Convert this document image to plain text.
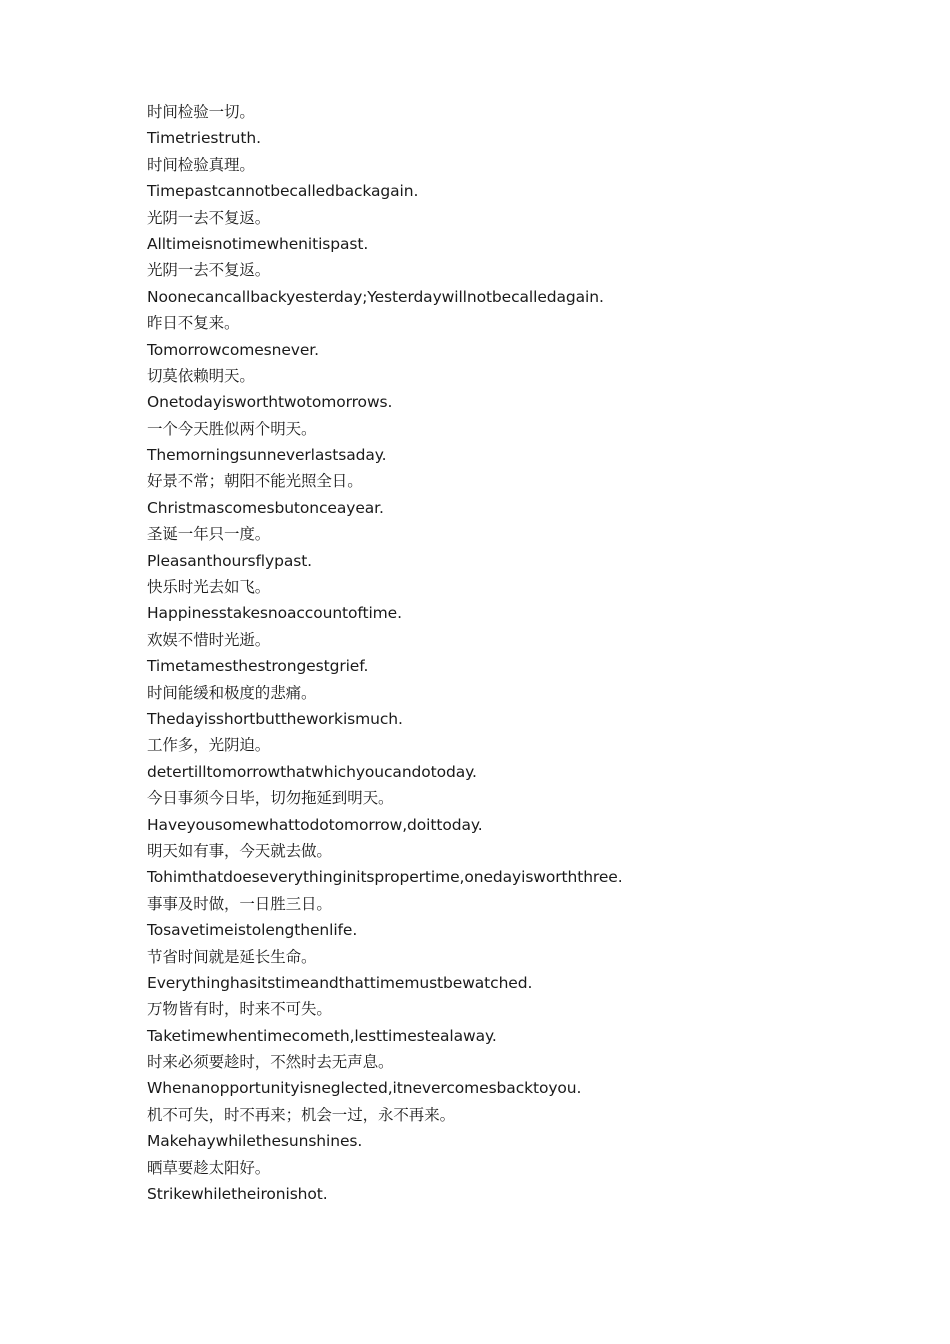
时间检验一切。
Timetriestruth.
时间检验真理。
Timepastcannotbecalledbackagain.
光阴一去不复返。
Alltimeisnotimewhenitispast.
光阴一去不复返。
Noonecancallbackyesterday;Yesterdaywillnotbecalledagain.
昨日不复来。
Tomorrowcomesnever.
切莫依赖明天。
Onetodayisworthtwotomorrows.
一个今天胜似两个明天。
Themorningsunneverlastsaday.
好景不常；朝阳不能光照全日。
Christmascomesbutonceayear.
圣诞一年只一度。
Pleasanthoursflypast.
快乐时光去如飞。
Happinesstakesnoaccountoftime.
欢娱不惜时光逝。
Timetamesthestrongestgrief.
时间能缓和极度的悲痛。
Thedayisshortbuttheworkismuch.
工作多，光阴迫。
detertilltomorrowthatwhichyoucandotoday.
今日事须今日毕，切勿拖延到明天。
Haveyousomewhattodotomorrow,doittoday.
明天如有事，今天就去做。
Tohimthatdoeseverythinginitspropertime,onedayisworththree.
事事及时做，一日胜三日。
Tosavetimeistolengthenlife.
节省时间就是延长生命。
Everythinghasitstimeandthattimemustbewatched.
万物皆有时，时来不可失。
Taketimewhentimecometh,lesttimestealaway.
时来必须要趁时，不然时去无声息。
Whenanopportunityisneglected,itnevercomesbacktoyou.
机不可失，时不再来；机会一过，永不再来。
Makehaywhilethesunshines.
晒草要趁太阳好。
Strikewhiletheironishot.
